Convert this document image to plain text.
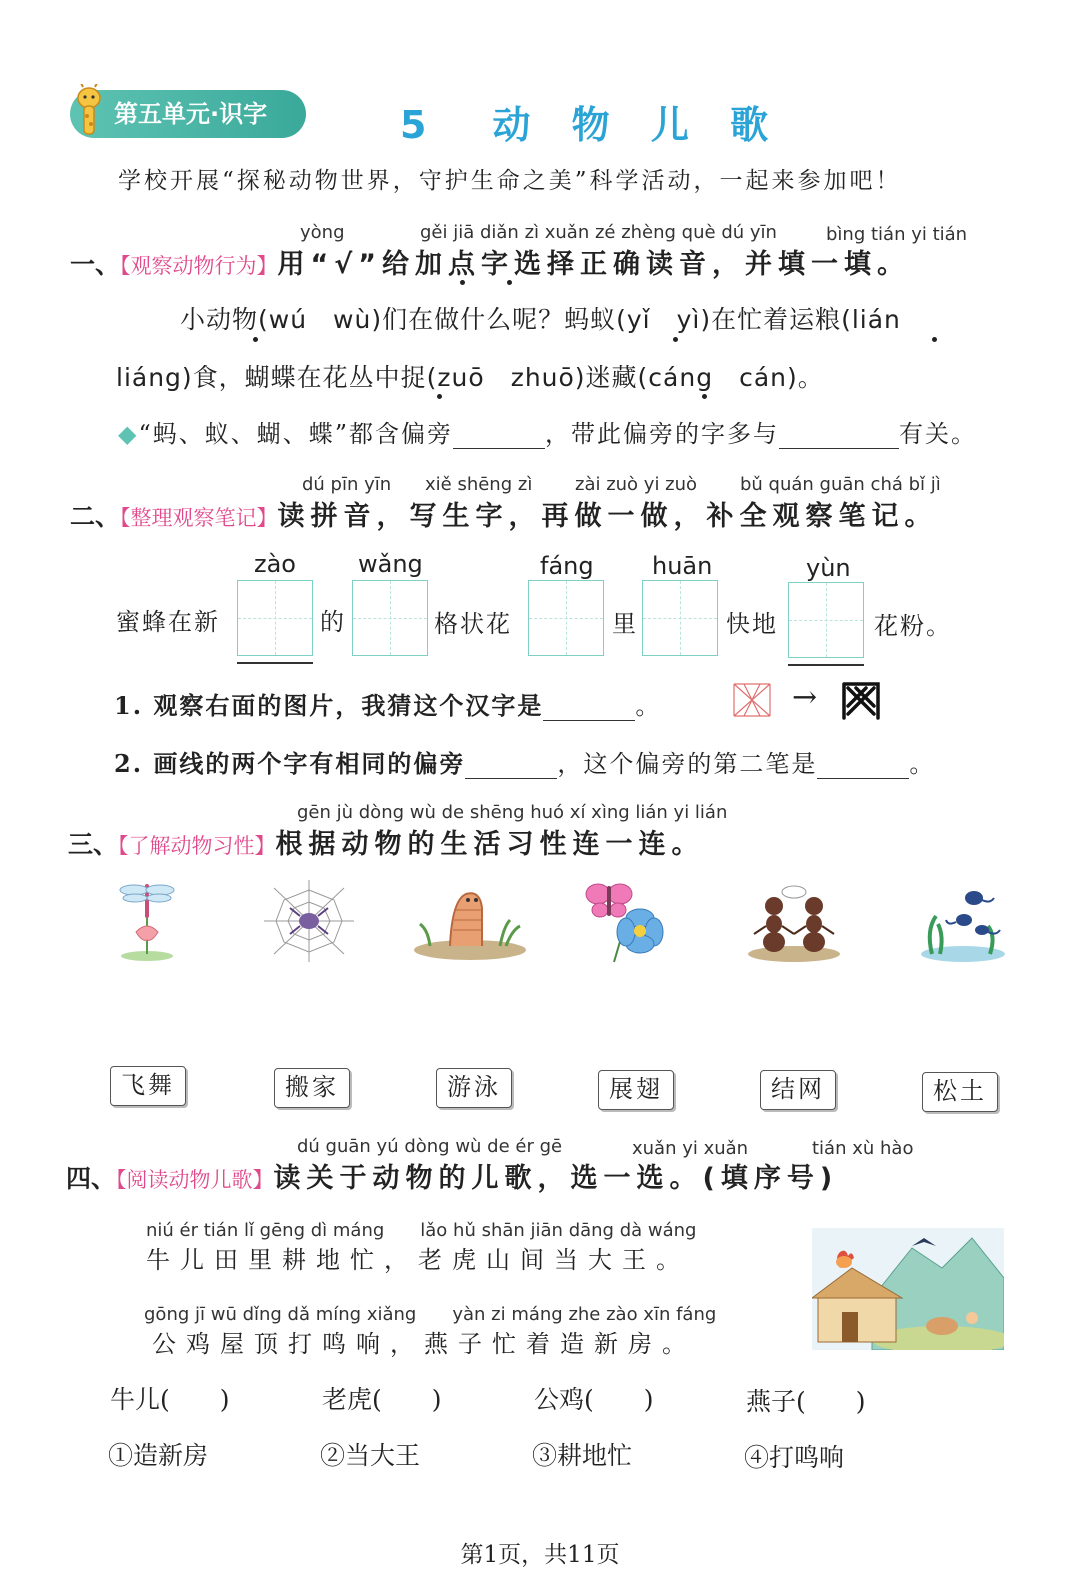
第五单元·识字	5　动 物 儿 歌
学校开展“探秘动物世界，守护生命之美”科学活动，一起来参加吧！
yòng	gěi jiā diǎn zì xuǎn zé zhèng què dú yīn	bìng tián yi tián
一、【观察动物行为】用“√”给加点字选择正确读音，并填一填。
小动物(wú　wù)们在做什么呢？蚂蚁(yǐ　yì)在忙着运粮(lián
liáng)食，蝴蝶在花丛中捉(zuō　zhuō)迷藏(cáng　cán)。
◆“蚂、蚁、蝴、蝶”都含偏旁	，带此偏旁的字多与	有关。
dú pīn yīn xiě shēng zì zài zuò yi zuò bǔ quán guān chá bǐ jì
二、【整理观察笔记】读拼音，写生字，再做一做，补全观察笔记。
zào	wǎng	fáng huān	yùn
蜜蜂在新	的	格状花	里	快地	花粉。
1. 观察右面的图片，我猜这个汉字是	。	→
2. 画线的两个字有相同的偏旁	，这个偏旁的第二笔是	。
gēn jù dòng wù de shēng huó xí xìng lián yi lián
三、【了解动物习性】根据动物的生活习性连一连。
飞舞	搬家	游泳	展翅	结网	松土
dú guān yú dòng wù de ér gē	xuǎn yi xuǎn	tián xù hào
四、【阅读动物儿歌】读关于动物的儿歌，选一选。(填序号)
niú ér tián lǐ gēng dì máng　　lǎo hǔ shān jiān dāng dà wáng
牛儿田里耕地忙，老虎山间当大王。
gōng jī wū dǐng dǎ míng xiǎng　　yàn zi máng zhe zào xīn fáng
公鸡屋顶打鸣响，燕子忙着造新房。
牛儿(　　)	老虎(　　)	公鸡(　　)	燕子(　　)
①造新房	②当大王	③耕地忙	④打鸣响
第1页，共11页
